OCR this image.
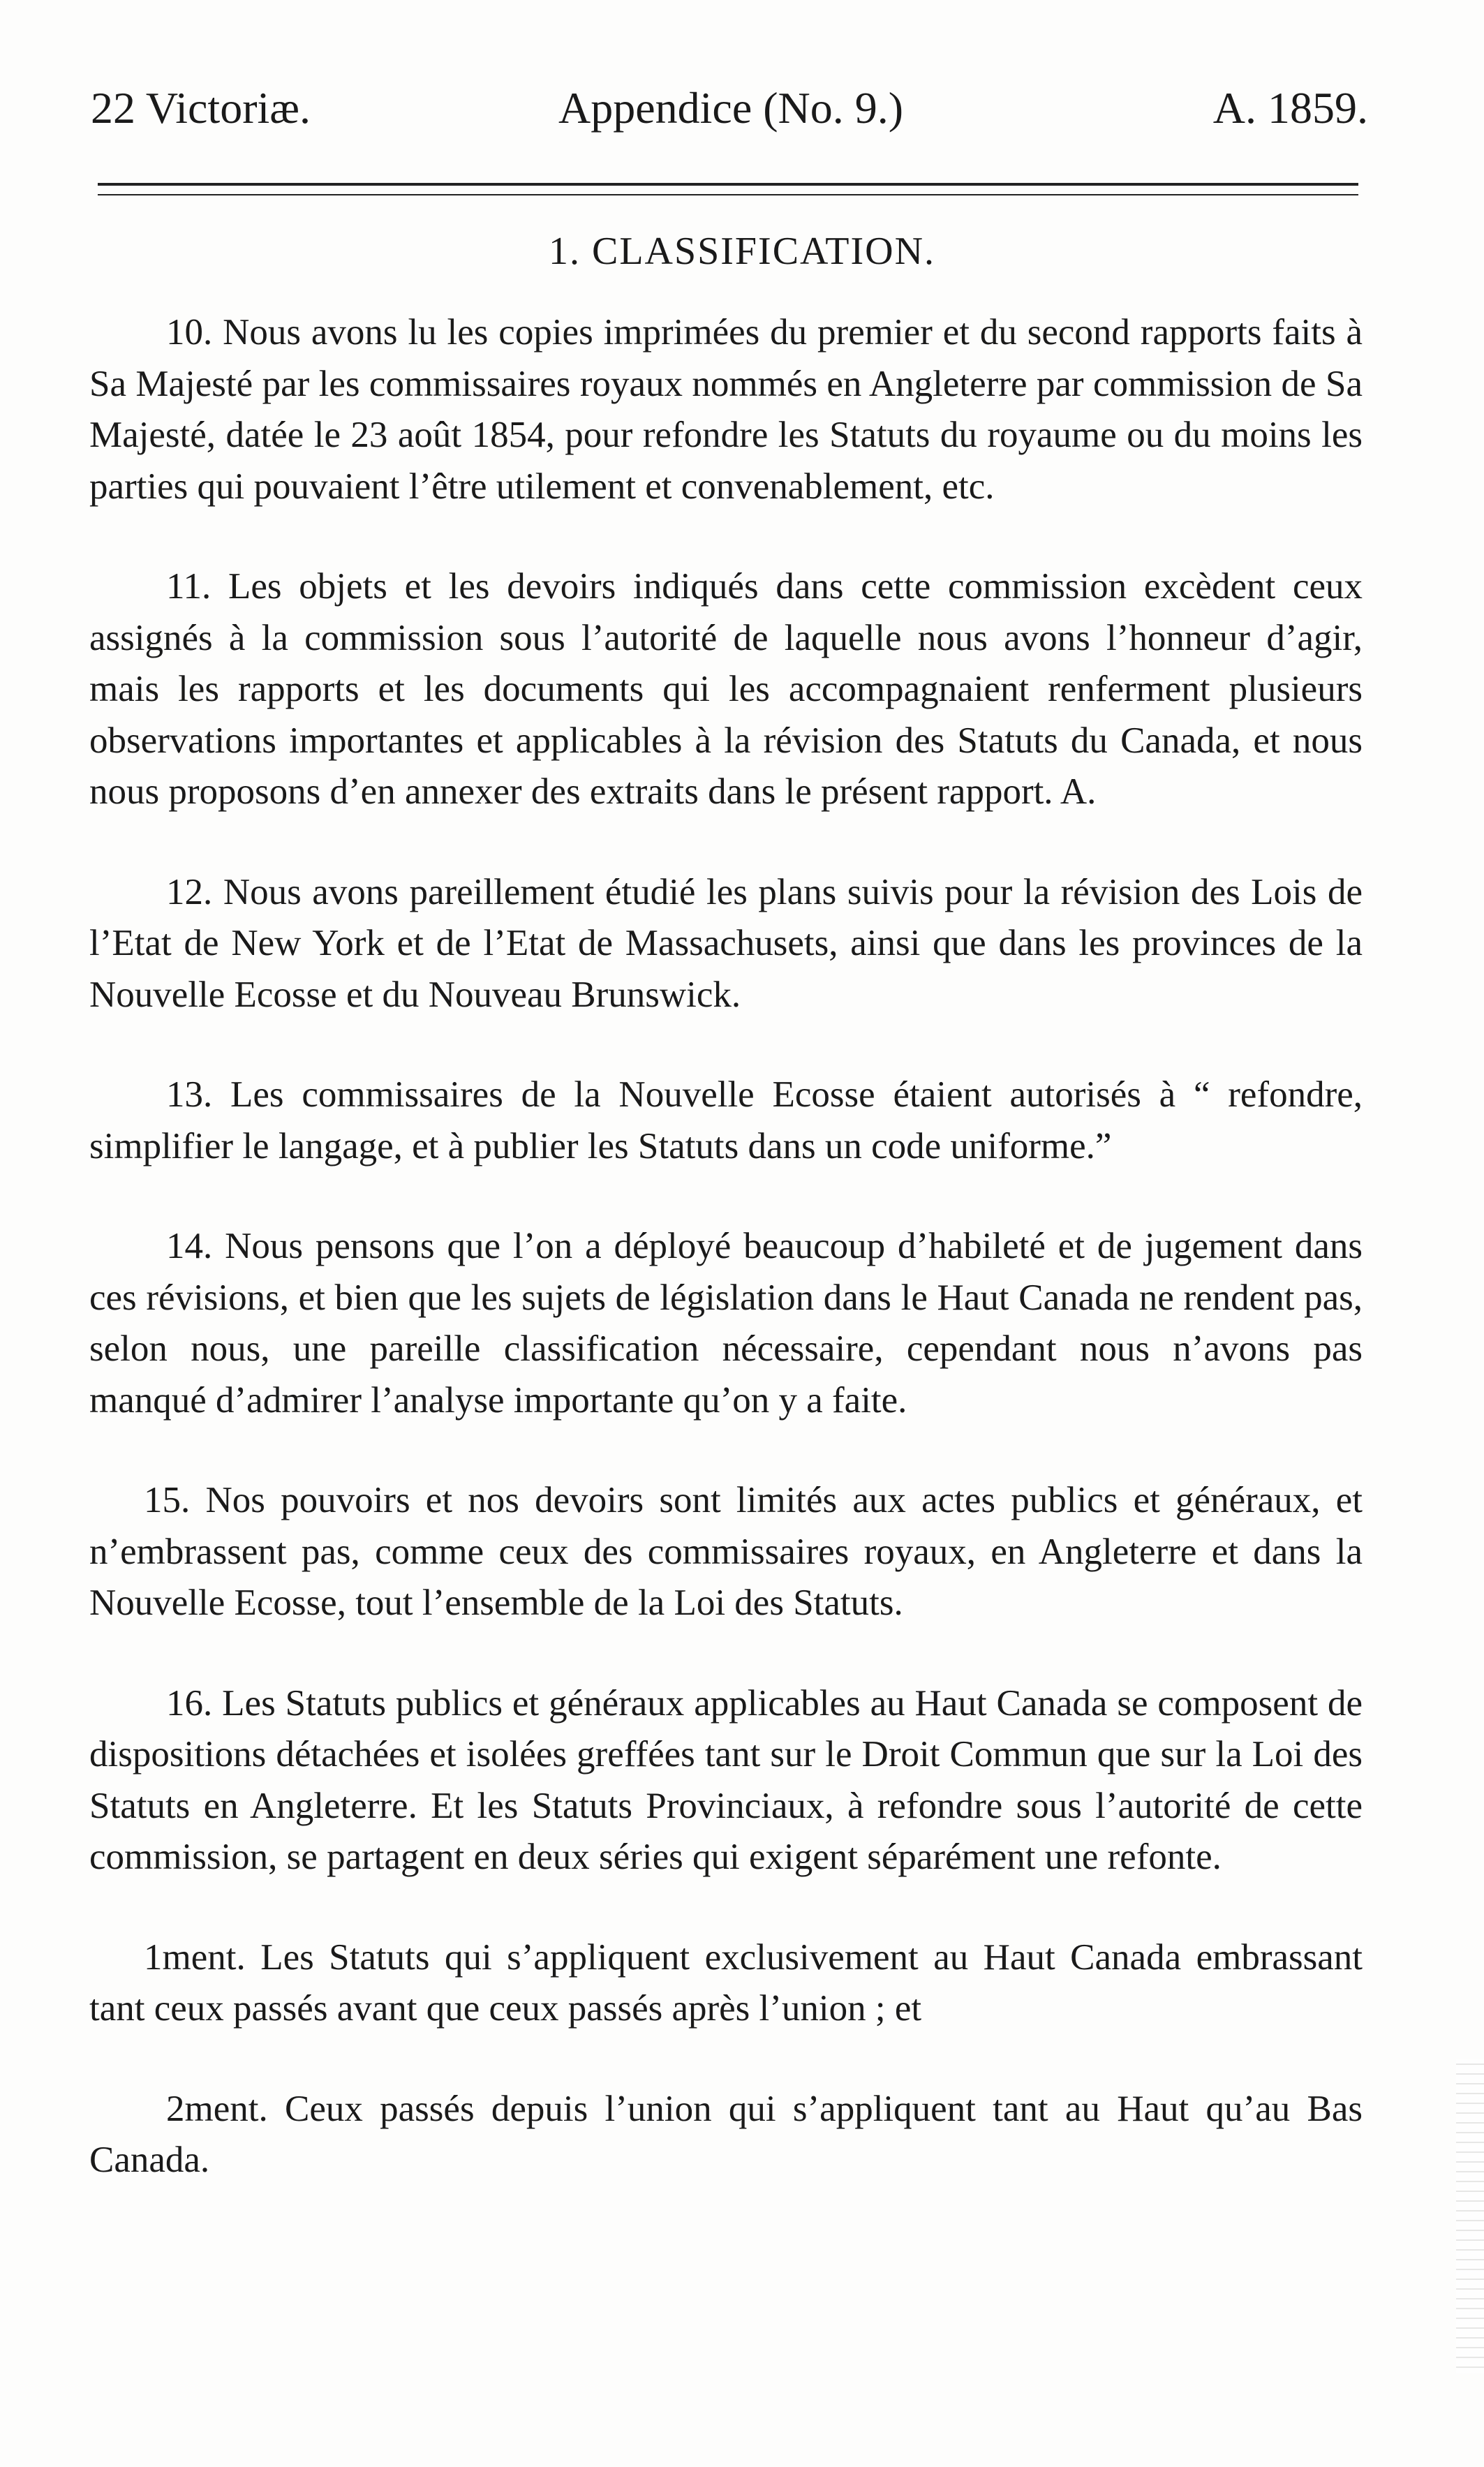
22 Victoriæ.	Appendice (No. 9.)	A. 1859.
1. CLASSIFICATION.

10. Nous avons lu les copies imprimées du premier et du second rapports faits à Sa Majesté par les commissaires royaux nommés en Angleterre par commission de Sa Majesté, datée le 23 août 1854, pour refondre les Statuts du royaume ou du moins les parties qui pouvaient l’être utilement et convenablement, etc.

11. Les objets et les devoirs indiqués dans cette commission excèdent ceux assignés à la commission sous l’autorité de laquelle nous avons l’honneur d’agir, mais les rapports et les documents qui les accompagnaient renferment plusieurs observations importantes et applicables à la révision des Statuts du Canada, et nous nous proposons d’en annexer des extraits dans le présent rapport. A.

12. Nous avons pareillement étudié les plans suivis pour la révision des Lois de l’Etat de New York et de l’Etat de Massachusets, ainsi que dans les provinces de la Nouvelle Ecosse et du Nouveau Brunswick.

13. Les commissaires de la Nouvelle Ecosse étaient autorisés à “ refondre, simplifier le langage, et à publier les Statuts dans un code uniforme.”

14. Nous pensons que l’on a déployé beaucoup d’habileté et de jugement dans ces révisions, et bien que les sujets de législation dans le Haut Canada ne rendent pas, selon nous, une pareille classification nécessaire, cependant nous n’avons pas manqué d’admirer l’analyse importante qu’on y a faite.

15. Nos pouvoirs et nos devoirs sont limités aux actes publics et généraux, et n’embrassent pas, comme ceux des commissaires royaux, en Angleterre et dans la Nouvelle Ecosse, tout l’ensemble de la Loi des Statuts.

16. Les Statuts publics et généraux applicables au Haut Canada se composent de dispositions détachées et isolées greffées tant sur le Droit Commun que sur la Loi des Statuts en Angleterre. Et les Statuts Provinciaux, à refondre sous l’autorité de cette commission, se partagent en deux séries qui exigent séparément une refonte.

1ment. Les Statuts qui s’appliquent exclusivement au Haut Canada embrassant tant ceux passés avant que ceux passés après l’union ; et

2ment. Ceux passés depuis l’union qui s’appliquent tant au Haut qu’au Bas Canada.
